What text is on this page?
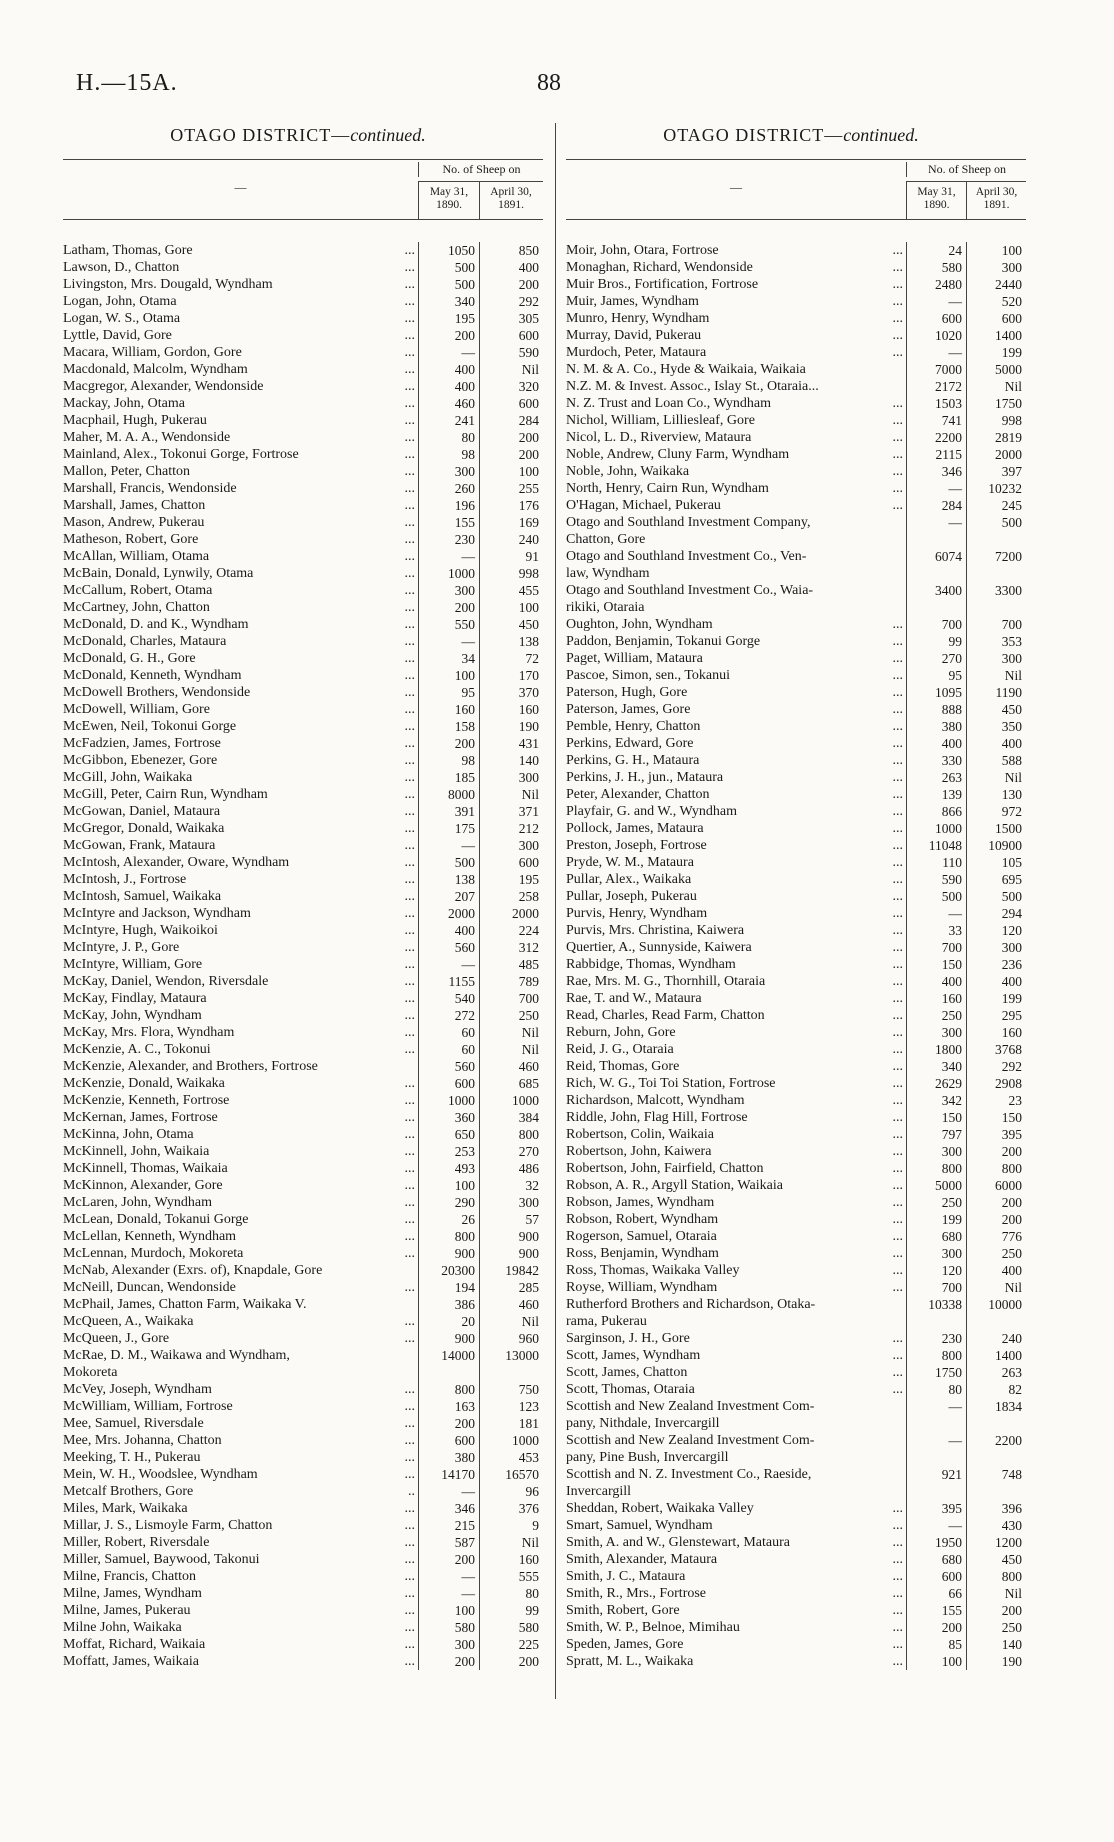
H.—15A.	88
OTAGO DISTRICT—continued.
—
No. of Sheep on
May 31,
1890.
April 30,
1891.
Latham, Thomas, Gore	...	1050	850
Lawson, D., Chatton	...	500	400
Livingston, Mrs. Dougald, Wyndham	...	500	200
Logan, John, Otama	...	340	292
Logan, W. S., Otama	...	195	305
Lyttle, David, Gore	...	200	600
Macara, William, Gordon, Gore	...	—	590
Macdonald, Malcolm, Wyndham	...	400	Nil
Macgregor, Alexander, Wendonside	...	400	320
Mackay, John, Otama	...	460	600
Macphail, Hugh, Pukerau	...	241	284
Maher, M. A. A., Wendonside	...	80	200
Mainland, Alex., Tokonui Gorge, Fortrose	...	98	200
Mallon, Peter, Chatton	...	300	100
Marshall, Francis, Wendonside	...	260	255
Marshall, James, Chatton	...	196	176
Mason, Andrew, Pukerau	...	155	169
Matheson, Robert, Gore	...	230	240
McAllan, William, Otama	...	—	91
McBain, Donald, Lynwily, Otama	...	1000	998
McCallum, Robert, Otama	...	300	455
McCartney, John, Chatton	...	200	100
McDonald, D. and K., Wyndham	...	550	450
McDonald, Charles, Mataura	...	—	138
McDonald, G. H., Gore	...	34	72
McDonald, Kenneth, Wyndham	...	100	170
McDowell Brothers, Wendonside	...	95	370
McDowell, William, Gore	...	160	160
McEwen, Neil, Tokonui Gorge	...	158	190
McFadzien, James, Fortrose	...	200	431
McGibbon, Ebenezer, Gore	...	98	140
McGill, John, Waikaka	...	185	300
McGill, Peter, Cairn Run, Wyndham	...	8000	Nil
McGowan, Daniel, Mataura	...	391	371
McGregor, Donald, Waikaka	...	175	212
McGowan, Frank, Mataura	...	—	300
McIntosh, Alexander, Oware, Wyndham	...	500	600
McIntosh, J., Fortrose	...	138	195
McIntosh, Samuel, Waikaka	...	207	258
McIntyre and Jackson, Wyndham	...	2000	2000
McIntyre, Hugh, Waikoikoi	...	400	224
McIntyre, J. P., Gore	...	560	312
McIntyre, William, Gore	...	—	485
McKay, Daniel, Wendon, Riversdale	...	1155	789
McKay, Findlay, Mataura	...	540	700
McKay, John, Wyndham	...	272	250
McKay, Mrs. Flora, Wyndham	...	60	Nil
McKenzie, A. C., Tokonui	...	60	Nil
McKenzie, Alexander, and Brothers, Fortrose	560	460
McKenzie, Donald, Waikaka	...	600	685
McKenzie, Kenneth, Fortrose	...	1000	1000
McKernan, James, Fortrose	...	360	384
McKinna, John, Otama	...	650	800
McKinnell, John, Waikaia	...	253	270
McKinnell, Thomas, Waikaia	...	493	486
McKinnon, Alexander, Gore	...	100	32
McLaren, John, Wyndham	...	290	300
McLean, Donald, Tokanui Gorge	...	26	57
McLellan, Kenneth, Wyndham	...	800	900
McLennan, Murdoch, Mokoreta	...	900	900
McNab, Alexander (Exrs. of), Knapdale, Gore	20300	19842
McNeill, Duncan, Wendonside	...	194	285
McPhail, James, Chatton Farm, Waikaka V.	386	460
McQueen, A., Waikaka	...	20	Nil
McQueen, J., Gore	...	900	960
McRae, D. M., Waikawa and Wyndham,	14000	13000
Mokoreta
McVey, Joseph, Wyndham	...	800	750
McWilliam, William, Fortrose	...	163	123
Mee, Samuel, Riversdale	...	200	181
Mee, Mrs. Johanna, Chatton	...	600	1000
Meeking, T. H., Pukerau	...	380	453
Mein, W. H., Woodslee, Wyndham	...	14170	16570
Metcalf Brothers, Gore	..	—	96
Miles, Mark, Waikaka	...	346	376
Millar, J. S., Lismoyle Farm, Chatton	...	215	9
Miller, Robert, Riversdale	...	587	Nil
Miller, Samuel, Baywood, Takonui	...	200	160
Milne, Francis, Chatton	...	—	555
Milne, James, Wyndham	...	—	80
Milne, James, Pukerau	...	100	99
Milne John, Waikaka	...	580	580
Moffat, Richard, Waikaia	...	300	225
Moffatt, James, Waikaia	...	200	200
OTAGO DISTRICT—continued.
—
No. of Sheep on
May 31,
1890.
April 30,
1891.
Moir, John, Otara, Fortrose	...	24	100
Monaghan, Richard, Wendonside	...	580	300
Muir Bros., Fortification, Fortrose	...	2480	2440
Muir, James, Wyndham	...	—	520
Munro, Henry, Wyndham	...	600	600
Murray, David, Pukerau	...	1020	1400
Murdoch, Peter, Mataura	...	—	199
N. M. & A. Co., Hyde & Waikaia, Waikaia	7000	5000
N.Z. M. & Invest. Assoc., Islay St., Otaraia...	2172	Nil
N. Z. Trust and Loan Co., Wyndham	...	1503	1750
Nichol, William, Lilliesleaf, Gore	...	741	998
Nicol, L. D., Riverview, Mataura	...	2200	2819
Noble, Andrew, Cluny Farm, Wyndham	...	2115	2000
Noble, John, Waikaka	...	346	397
North, Henry, Cairn Run, Wyndham	...	—	10232
O'Hagan, Michael, Pukerau	...	284	245
Otago and Southland Investment Company,	—	500
Chatton, Gore
Otago and Southland Investment Co., Ven-	6074	7200
law, Wyndham
Otago and Southland Investment Co., Waia-	3400	3300
rikiki, Otaraia
Oughton, John, Wyndham	...	700	700
Paddon, Benjamin, Tokanui Gorge	...	99	353
Paget, William, Mataura	...	270	300
Pascoe, Simon, sen., Tokanui	...	95	Nil
Paterson, Hugh, Gore	...	1095	1190
Paterson, James, Gore	...	888	450
Pemble, Henry, Chatton	...	380	350
Perkins, Edward, Gore	...	400	400
Perkins, G. H., Mataura	...	330	588
Perkins, J. H., jun., Mataura	...	263	Nil
Peter, Alexander, Chatton	...	139	130
Playfair, G. and W., Wyndham	...	866	972
Pollock, James, Mataura	...	1000	1500
Preston, Joseph, Fortrose	...	11048	10900
Pryde, W. M., Mataura	...	110	105
Pullar, Alex., Waikaka	...	590	695
Pullar, Joseph, Pukerau	...	500	500
Purvis, Henry, Wyndham	...	—	294
Purvis, Mrs. Christina, Kaiwera	...	33	120
Quertier, A., Sunnyside, Kaiwera	...	700	300
Rabbidge, Thomas, Wyndham	...	150	236
Rae, Mrs. M. G., Thornhill, Otaraia	...	400	400
Rae, T. and W., Mataura	...	160	199
Read, Charles, Read Farm, Chatton	...	250	295
Reburn, John, Gore	...	300	160
Reid, J. G., Otaraia	...	1800	3768
Reid, Thomas, Gore	...	340	292
Rich, W. G., Toi Toi Station, Fortrose	...	2629	2908
Richardson, Malcott, Wyndham	...	342	23
Riddle, John, Flag Hill, Fortrose	...	150	150
Robertson, Colin, Waikaia	...	797	395
Robertson, John, Kaiwera	...	300	200
Robertson, John, Fairfield, Chatton	...	800	800
Robson, A. R., Argyll Station, Waikaia	...	5000	6000
Robson, James, Wyndham	...	250	200
Robson, Robert, Wyndham	...	199	200
Rogerson, Samuel, Otaraia	...	680	776
Ross, Benjamin, Wyndham	...	300	250
Ross, Thomas, Waikaka Valley	...	120	400
Royse, William, Wyndham	...	700	Nil
Rutherford Brothers and Richardson, Otaka-	10338	10000
rama, Pukerau
Sarginson, J. H., Gore	...	230	240
Scott, James, Wyndham	...	800	1400
Scott, James, Chatton	...	1750	263
Scott, Thomas, Otaraia	...	80	82
Scottish and New Zealand Investment Com-	—	1834
pany, Nithdale, Invercargill
Scottish and New Zealand Investment Com-	—	2200
pany, Pine Bush, Invercargill
Scottish and N. Z. Investment Co., Raeside,	921	748
Invercargill
Sheddan, Robert, Waikaka Valley	...	395	396
Smart, Samuel, Wyndham	...	—	430
Smith, A. and W., Glenstewart, Mataura	...	1950	1200
Smith, Alexander, Mataura	...	680	450
Smith, J. C., Mataura	...	600	800
Smith, R., Mrs., Fortrose	...	66	Nil
Smith, Robert, Gore	...	155	200
Smith, W. P., Belnoe, Mimihau	...	200	250
Speden, James, Gore	...	85	140
Spratt, M. L., Waikaka	...	100	190
